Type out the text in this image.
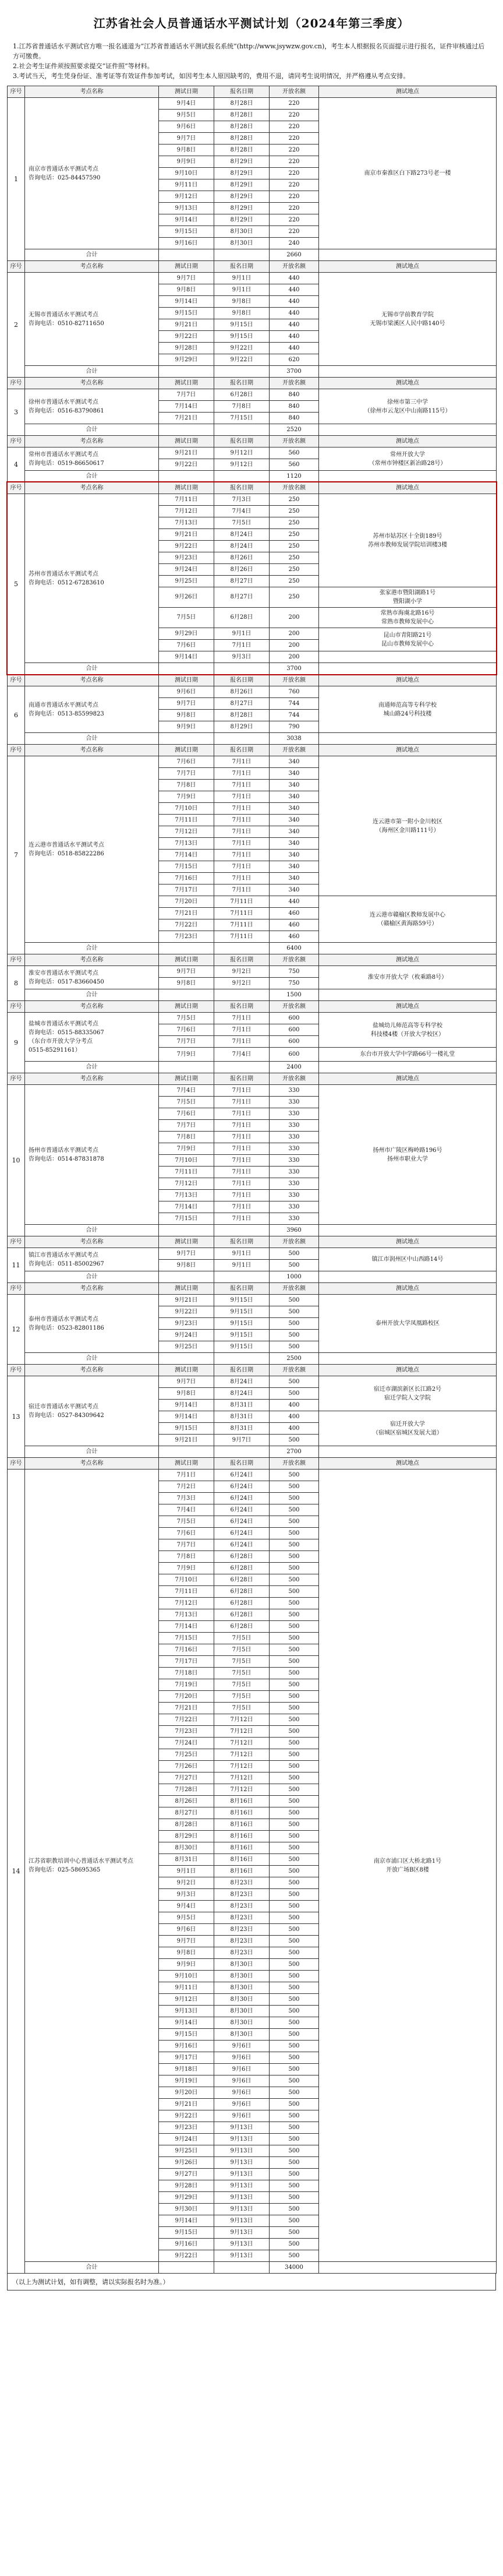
江苏省社会人员普通话水平测试计划（2024年第三季度）

1.江苏省普通话水平测试官方唯一报名通道为“江苏省普通话水平测试报名系统”(http://www.jsywzw.gov.cn)，考生本人根据报名页面提示进行报名，证件审核通过后方可缴费。

2.社会考生证件须按照要求提交“证件照”等材料。

3.考试当天，考生凭身份证、准考证等有效证件参加考试，如因考生本人原因缺考的，费用不退，请同考生说明情况，并严格遵从考点安排。

序号	考点名称	测试日期	报名日期	开放名额	测试地点
1	南京市普通话水平测试考点
咨询电话：025-84457590	9月4日	8月28日	220	南京市秦淮区白下路273号老一楼
		9月5日	8月28日	220	
		9月6日	8月28日	220	
		9月7日	8月28日	220	
		9月8日	8月28日	220	
		9月9日	8月29日	220	
		9月10日	8月29日	220	
		9月11日	8月29日	220	
		9月12日	8月29日	220	
		9月13日	8月29日	220	
		9月14日	8月29日	220	
		9月15日	8月30日	220	
		9月16日	8月30日	240	
	合计			2660	
序号	考点名称	测试日期	报名日期	开放名额	测试地点
2	无锡市普通话水平测试考点
咨询电话：0510-82711650	9月7日	9月1日	440	无锡市学前教育学院
无锡市梁溪区人民中路140号
		9月8日	9月1日	440	
		9月14日	9月8日	440	
		9月15日	9月8日	440	
		9月21日	9月15日	440	
		9月22日	9月15日	440	
		9月28日	9月22日	440	
		9月29日	9月22日	620	
	合计			3700	
序号	考点名称	测试日期	报名日期	开放名额	测试地点
3	徐州市普通话水平测试考点
咨询电话：0516-83790861	7月7日	6月28日	840	徐州市第三中学
（徐州市云龙区中山南路115号）
		7月14日	7月8日	840	
		7月21日	7月15日	840	
	合计			2520	
序号	考点名称	测试日期	报名日期	开放名额	测试地点
4	常州市普通话水平测试考点
咨询电话：0519-86650617	9月21日	9月12日	560	常州开放大学
（常州市钟楼区新冶路28号）
		9月22日	9月12日	560	
	合计			1120	
序号	考点名称	测试日期	报名日期	开放名额	测试地点
5	苏州市普通话水平测试考点
咨询电话：0512-67283610	7月11日	7月3日	250	苏州市姑苏区十全街189号
苏州市教师发展学院培训楼3楼
		7月12日	7月4日	250	
		7月13日	7月5日	250	
		9月21日	8月24日	250	
		9月22日	8月24日	250	
		9月23日	8月26日	250	
		9月24日	8月26日	250	
		9月25日	8月27日	250	
		9月26日	8月27日	250	张家港市暨阳湖路1号
暨阳湖小学
		7月5日	6月28日	200	常熟市海虞北路16号
常熟市教师发展中心
		9月29日	9月1日	200	昆山市青阳路21号
昆山市教师发展中心
		7月6日	7月1日	200	
		9月14日	9月3日	200	
	合计			3700	
序号	考点名称	测试日期	报名日期	开放名额	测试地点
6	南通市普通话水平测试考点
咨询电话：0513-85599823	9月6日	8月26日	760	南通师范高等专科学校
城山路24号科技楼
		9月7日	8月27日	744	
		9月8日	8月28日	744	
		9月9日	8月29日	790	
	合计			3038	
序号	考点名称	测试日期	报名日期	开放名额	测试地点
7	连云港市普通话水平测试考点
咨询电话：0518-85822286	7月6日	7月1日	340	连云港市第一附小金川校区
（海州区金川路111号）
		7月7日	7月1日	340	
		7月8日	7月1日	340	
		7月9日	7月1日	340	
		7月10日	7月1日	340	
		7月11日	7月1日	340	
		7月12日	7月1日	340	
		7月13日	7月1日	340	
		7月14日	7月1日	340	
		7月15日	7月1日	340	
		7月16日	7月1日	340	
		7月17日	7月1日	340	
		7月20日	7月11日	440	连云港市赣榆区教师发展中心
（赣榆区黄海路59号）
		7月21日	7月11日	460	
		7月22日	7月11日	460	
		7月23日	7月11日	460	
	合计			6400	
序号	考点名称	测试日期	报名日期	开放名额	测试地点
8	淮安市普通话水平测试考点
咨询电话：0517-83660450	9月7日	9月2日	750	淮安市开放大学（枚乘路8号）
		9月8日	9月2日	750	
	合计			1500	
序号	考点名称	测试日期	报名日期	开放名额	测试地点
9	盐城市普通话水平测试考点
咨询电话：0515-88335067
（东台市开放大学分考点
0515-85291161）	7月5日	7月1日	600	盐城幼儿师范高等专科学校
科技楼4楼（开放大学校区）
		7月6日	7月1日	600	
		7月7日	7月1日	600	
		7月9日	7月4日	600	东台市开放大学中学路66号一楼礼堂
	合计			2400	
序号	考点名称	测试日期	报名日期	开放名额	测试地点
10	扬州市普通话水平测试考点
咨询电话：0514-87831878	7月4日	7月1日	330	扬州市广陵区梅岭路196号
扬州市职业大学
		7月5日	7月1日	330	
		7月6日	7月1日	330	
		7月7日	7月1日	330	
		7月8日	7月1日	330	
		7月9日	7月1日	330	
		7月10日	7月1日	330	
		7月11日	7月1日	330	
		7月12日	7月1日	330	
		7月13日	7月1日	330	
		7月14日	7月1日	330	
		7月15日	7月1日	330	
	合计			3960	
序号	考点名称	测试日期	报名日期	开放名额	测试地点
11	镇江市普通话水平测试考点
咨询电话：0511-85002967	9月7日	9月1日	500	镇江市润州区中山西路14号
		9月8日	9月1日	500	
	合计			1000	
序号	考点名称	测试日期	报名日期	开放名额	测试地点
12	泰州市普通话水平测试考点
咨询电话：0523-82801186	9月21日	9月15日	500	泰州开放大学凤凰路校区
		9月22日	9月15日	500	
		9月23日	9月15日	500	
		9月24日	9月15日	500	
		9月25日	9月15日	500	
	合计			2500	
序号	考点名称	测试日期	报名日期	开放名额	测试地点
13	宿迁市普通话水平测试考点
咨询电话：0527-84309642	9月7日	8月24日	500	宿迁市湖滨新区长江路2号
宿迁学院人文学院
		9月8日	8月24日	500	
		9月14日	8月31日	400	
		9月14日	8月31日	400	宿迁开放大学
（宿城区宿城区发展大道）
		9月15日	8月31日	400	
		9月21日	9月7日	500	
	合计			2700	
序号	考点名称	测试日期	报名日期	开放名额	测试地点
14	江苏省职教培训中心普通话水平测试考点
咨询电话：025-58695365	7月1日	6月24日	500	南京市浦口区大桥北路1号
开放广场B区8楼
		7月2日	6月24日	500	
		7月3日	6月24日	500	
		7月4日	6月24日	500	
		7月5日	6月24日	500	
		7月6日	6月24日	500	
		7月7日	6月24日	500	
		7月8日	6月28日	500	
		7月9日	6月28日	500	
		7月10日	6月28日	500	
		7月11日	6月28日	500	
		7月12日	6月28日	500	
		7月13日	6月28日	500	
		7月14日	6月28日	500	
		7月15日	7月5日	500	
		7月16日	7月5日	500	
		7月17日	7月5日	500	
		7月18日	7月5日	500	
		7月19日	7月5日	500	
		7月20日	7月5日	500	
		7月21日	7月5日	500	
		7月22日	7月12日	500	
		7月23日	7月12日	500	
		7月24日	7月12日	500	
		7月25日	7月12日	500	
		7月26日	7月12日	500	
		7月27日	7月12日	500	
		7月28日	7月12日	500	
		8月26日	8月16日	500	
		8月27日	8月16日	500	
		8月28日	8月16日	500	
		8月29日	8月16日	500	
		8月30日	8月16日	500	
		8月31日	8月16日	500	
		9月1日	8月16日	500	
		9月2日	8月23日	500	
		9月3日	8月23日	500	
		9月4日	8月23日	500	
		9月5日	8月23日	500	
		9月6日	8月23日	500	
		9月7日	8月23日	500	
		9月8日	8月23日	500	
		9月9日	8月30日	500	
		9月10日	8月30日	500	
		9月11日	8月30日	500	
		9月12日	8月30日	500	
		9月13日	8月30日	500	
		9月14日	8月30日	500	
		9月15日	8月30日	500	
		9月16日	9月6日	500	
		9月17日	9月6日	500	
		9月18日	9月6日	500	
		9月19日	9月6日	500	
		9月20日	9月6日	500	
		9月21日	9月6日	500	
		9月22日	9月6日	500	
		9月23日	9月13日	500	
		9月24日	9月13日	500	
		9月25日	9月13日	500	
		9月26日	9月13日	500	
		9月27日	9月13日	500	
		9月28日	9月13日	500	
		9月29日	9月13日	500	
		9月30日	9月13日	500	
		9月14日	9月13日	500	
		9月15日	9月13日	500	
		9月16日	9月13日	500	
		9月22日	9月13日	500	
	合计			34000	
（以上为测试计划，如有调整，请以实际报名时为准。）
